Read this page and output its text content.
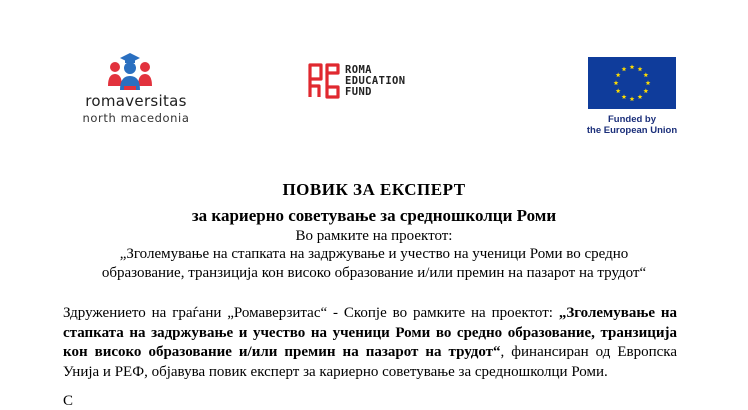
romaversitas
north macedonia
ROMA
EDUCATION
FUND
Funded by
the European Union
ПОВИК ЗА ЕКСПЕРТ
за кариерно советување за средношколци Роми
Во рамките на проектот:
„Зголемување на стапката на задржување и учество на ученици Роми во средно
образование, транзиција кон високо образование и/или премин на пазарот на трудот“
Здружението на граѓани „Ромаверзитас“ - Скопје во рамките на проектот: „Зголемување на
стапката на задржување и учество на ученици Роми во средно образование, транзиција
кон високо образование и/или премин на пазарот на трудот“, финансиран од Европска
Унија и РЕФ, објавува повик експерт за кариерно советување за средношколци Роми.
С
